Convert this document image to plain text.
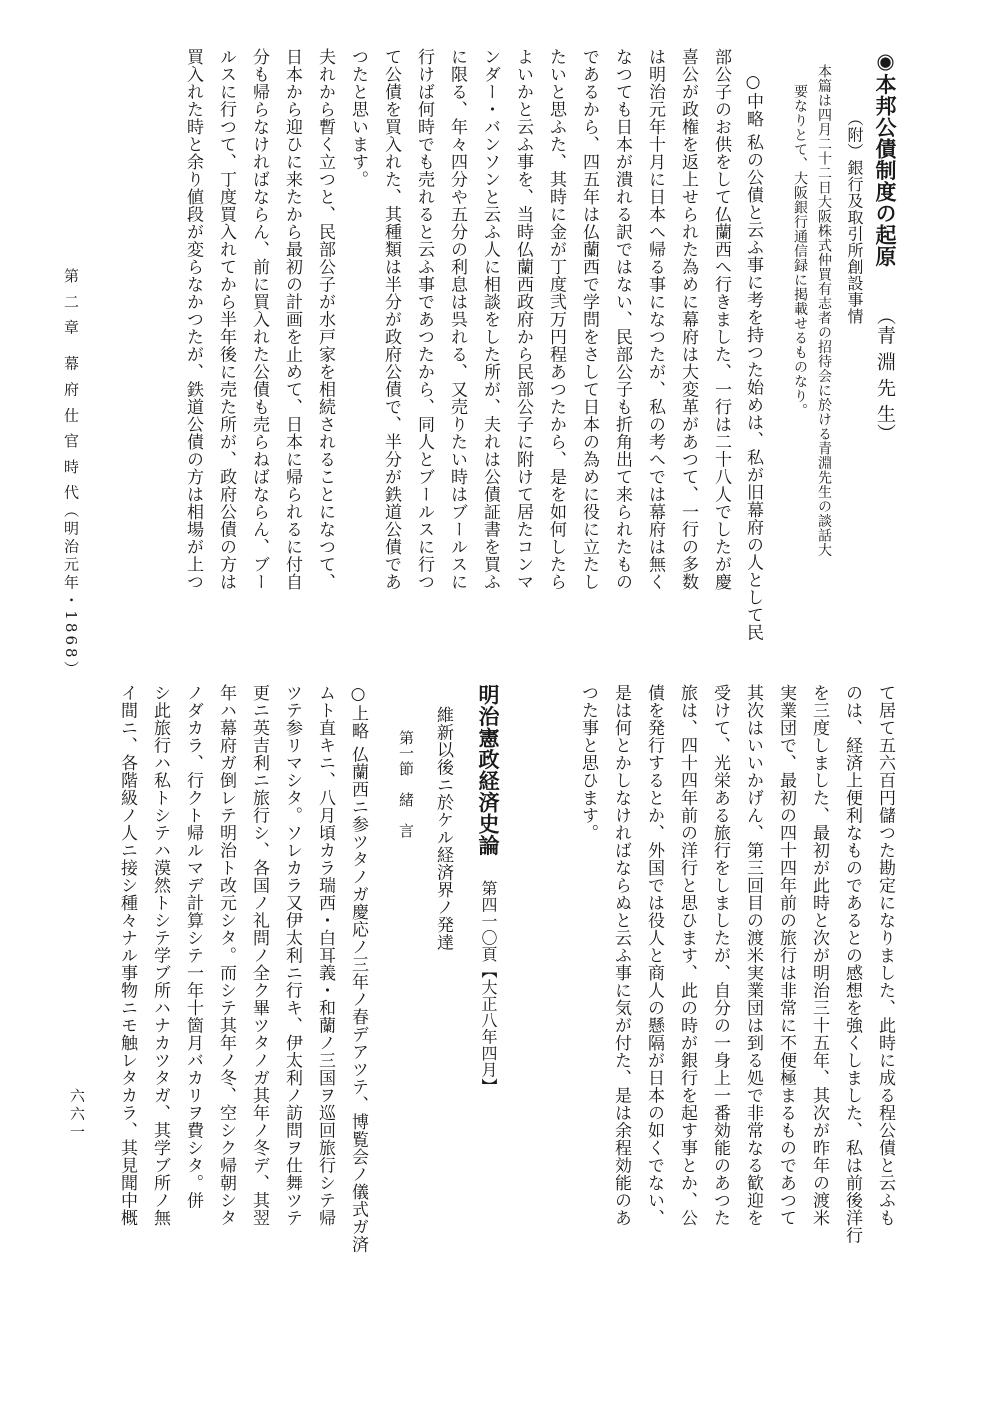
第 二 章　幕 府 仕 官 時 代（明治元年・1868）
六六一
◉本邦公債制度の起原
（青 淵 先 生）
（附）銀行及取引所創設事情
本篇は四月二十二日大阪株式仲買有志者の招待会に於ける青淵先生の談話大
要なりとて、大阪銀行通信録に掲載せるものなり。
○中略 私の公債と云ふ事に考を持つた始めは、私が旧幕府の人として民
部公子のお供をして仏蘭西へ行きました、一行は二十八人でしたが慶
喜公が政権を返上せられた為めに幕府は大変革があつて、一行の多数
は明治元年十月に日本へ帰る事になつたが、私の考へでは幕府は無く
なつても日本が潰れる訳ではない、民部公子も折角出て来られたもの
であるから、四五年は仏蘭西で学問をさして日本の為めに役に立たし
たいと思ふた、其時に金が丁度弐万円程あつたから、是を如何したら
よいかと云ふ事を、当時仏蘭西政府から民部公子に附けて居たコンマ
ンダー・バンソンと云ふ人に相談をした所が、夫れは公債証書を買ふ
に限る、年々四分や五分の利息は呉れる、又売りたい時はブールスに
行けば何時でも売れると云ふ事であつたから、同人とブールスに行つ
て公債を買入れた、其種類は半分が政府公債で、半分が鉄道公債であ
つたと思います。
夫れから暫く立つと、民部公子が水戸家を相続されることになつて、
日本から迎ひに来たから最初の計画を止めて、日本に帰られるに付自
分も帰らなければならん、前に買入れた公債も売らねばならん、ブー
ルスに行つて、丁度買入れてから半年後に売た所が、政府公債の方は
買入れた時と余り値段が変らなかつたが、鉄道公債の方は相場が上つ
て居て五六百円儲つた勘定になりました、此時に成る程公債と云ふも
のは、経済上便利なものであるとの感想を強くしました、私は前後洋行
を三度しました、最初が此時と次が明治三十五年、其次が昨年の渡米
実業団で、最初の四十四年前の旅行は非常に不便極まるものであつて
其次はいいかげん、第三回目の渡米実業団は到る処で非常なる歓迎を
受けて、光栄ある旅行をしましたが、自分の一身上一番効能のあつた
旅は、四十四年前の洋行と思ひます、此の時が銀行を起す事とか、公
債を発行するとか、外国では役人と商人の懸隔が日本の如くでない、
是は何とかしなければならぬと云ふ事に気が付た、是は余程効能のあ
つた事と思ひます。
明治憲政経済史論
第四一〇頁【大正八年四月】
維新以後ニ於ケル経済界ノ発達
第一節　緒　言
○上略 仏蘭西ニ参ツタノガ慶応ノ三年ノ春デアツテ、博覧会ノ儀式ガ済
ムト直キニ、八月頃カラ瑞西・白耳義・和蘭ノ三国ヲ巡回旅行シテ帰
ツテ参リマシタ。ソレカラ又伊太利ニ行キ、伊太利ノ訪問ヲ仕舞ツテ
更ニ英吉利ニ旅行シ、各国ノ礼問ノ全ク畢ツタノガ其年ノ冬デ、其翌
年ハ幕府ガ倒レテ明治ト改元シタ。而シテ其年ノ冬、空シク帰朝シタ
ノダカラ、行クト帰ルマデ計算シテ一年十箇月バカリヲ費シタ。併
シ此旅行ハ私トシテハ漠然トシテ学ブ所ハナカツタガ、其学ブ所ノ無
イ間ニ、各階級ノ人ニ接シ種々ナル事物ニモ触レタカラ、其見聞中概
